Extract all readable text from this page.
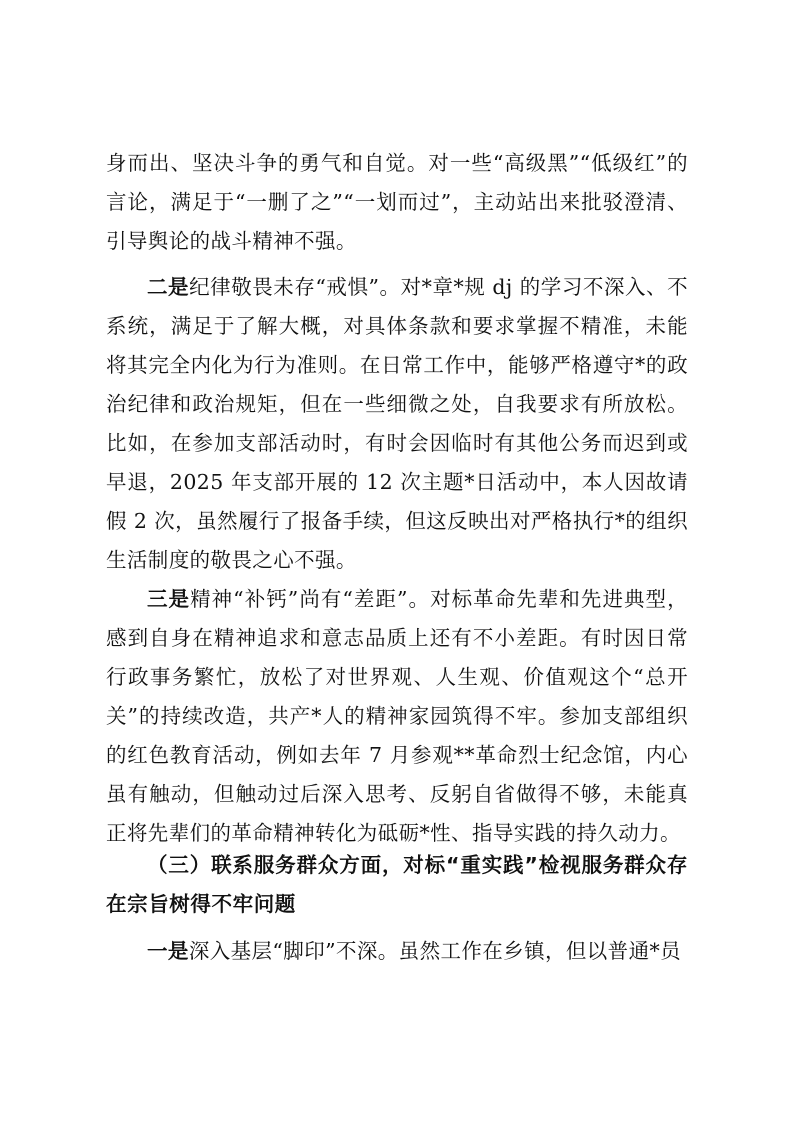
身而出、坚决斗争的勇气和自觉。对一些“高级黑”“低级红”的言论，满足于“一删了之”“一划而过”，主动站出来批驳澄清、引导舆论的战斗精神不强。

二是纪律敬畏未存“戒惧”。对*章*规 dj 的学习不深入、不系统，满足于了解大概，对具体条款和要求掌握不精准，未能将其完全内化为行为准则。在日常工作中，能够严格遵守*的政治纪律和政治规矩，但在一些细微之处，自我要求有所放松。比如，在参加支部活动时，有时会因临时有其他公务而迟到或早退，2025 年支部开展的 12 次主题*日活动中，本人因故请假 2 次，虽然履行了报备手续，但这反映出对严格执行*的组织生活制度的敬畏之心不强。

三是精神“补钙”尚有“差距”。对标革命先辈和先进典型，感到自身在精神追求和意志品质上还有不小差距。有时因日常行政事务繁忙，放松了对世界观、人生观、价值观这个“总开关”的持续改造，共产*人的精神家园筑得不牢。参加支部组织的红色教育活动，例如去年 7 月参观**革命烈士纪念馆，内心虽有触动，但触动过后深入思考、反躬自省做得不够，未能真正将先辈们的革命精神转化为砥砺*性、指导实践的持久动力。

（三）联系服务群众方面，对标“重实践”检视服务群众存在宗旨树得不牢问题

一是深入基层“脚印”不深。虽然工作在乡镇，但以普通*员
